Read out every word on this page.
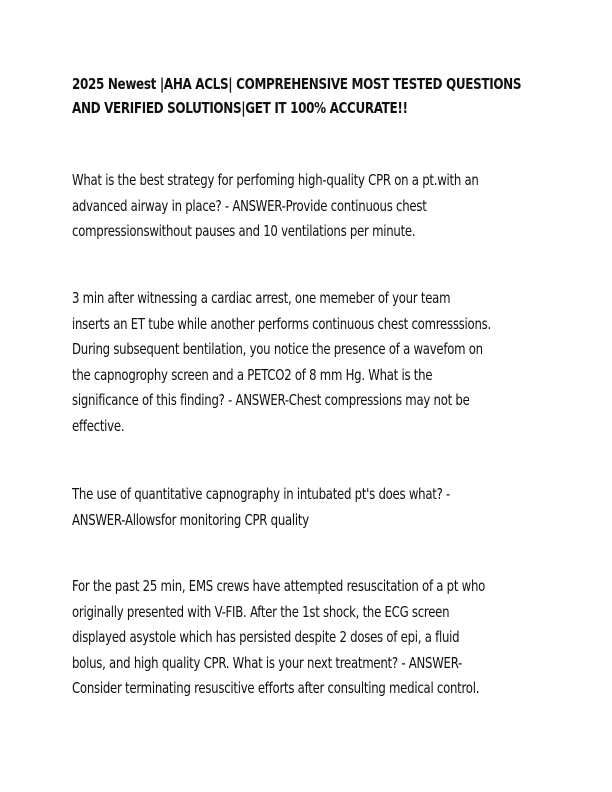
2025 Newest |AHA ACLS| COMPREHENSIVE MOST TESTED QUESTIONS
AND VERIFIED SOLUTIONS|GET IT 100% ACCURATE!!

What is the best strategy for perfoming high-quality CPR on a pt.with an
advanced airway in place? - ANSWER-Provide continuous chest
compressionswithout pauses and 10 ventilations per minute.

3 min after witnessing a cardiac arrest, one memeber of your team
inserts an ET tube while another performs continuous chest comresssions.
During subsequent bentilation, you notice the presence of a wavefom on
the capnogrophy screen and a PETCO2 of 8 mm Hg. What is the
significance of this finding? - ANSWER-Chest compressions may not be
effective.

The use of quantitative capnography in intubated pt's does what? -
ANSWER-Allowsfor monitoring CPR quality

For the past 25 min, EMS crews have attempted resuscitation of a pt who
originally presented with V-FIB. After the 1st shock, the ECG screen
displayed asystole which has persisted despite 2 doses of epi, a fluid
bolus, and high quality CPR. What is your next treatment? - ANSWER-
Consider terminating resuscitive efforts after consulting medical control.
